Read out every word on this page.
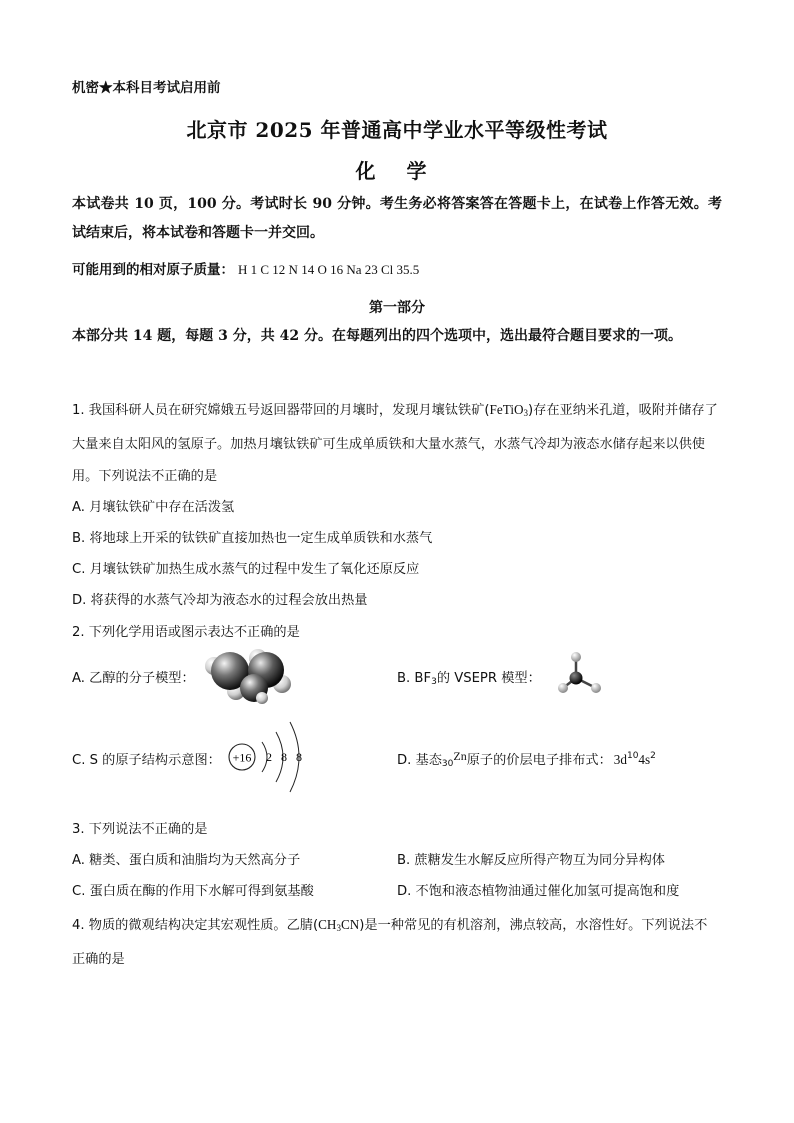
机密★本科目考试启用前
北京市 2025 年普通高中学业水平等级性考试
化 学
本试卷共 10 页，100 分。考试时长 90 分钟。考生务必将答案答在答题卡上，在试卷上作答无效。考试结束后，将本试卷和答题卡一并交回。
可能用到的相对原子质量： H 1 C 12 N 14 O 16 Na 23 Cl 35.5
第一部分
本部分共 14 题，每题 3 分，共 42 分。在每题列出的四个选项中，选出最符合题目要求的一项。
1. 我国科研人员在研究嫦娥五号返回器带回的月壤时，发现月壤钛铁矿(FeTiO$_3$)存在亚纳米孔道，吸附并储存了大量来自太阳风的氢原子。加热月壤钛铁矿可生成单质铁和大量水蒸气，水蒸气冷却为液态水储存起来以供使用。下列说法不正确的是
A. 月壤钛铁矿中存在活泼氢
B. 将地球上开采的钛铁矿直接加热也一定生成单质铁和水蒸气
C. 月壤钛铁矿加热生成水蒸气的过程中发生了氧化还原反应
D. 将获得的水蒸气冷却为液态水的过程会放出热量
2. 下列化学用语或图示表达不正确的是
A. 乙醇的分子模型：	B. $BF_3$的 VSEPR 模型：
C. S 的原子结构示意图： +16 2 8 8	D. 基态$_{30}$Zn原子的价层电子排布式： $3d^{10}4s^2$
3. 下列说法不正确的是
A. 糖类、蛋白质和油脂均为天然高分子	B. 蔗糖发生水解反应所得产物互为同分异构体
C. 蛋白质在酶的作用下水解可得到氨基酸	D. 不饱和液态植物油通过催化加氢可提高饱和度
4. 物质的微观结构决定其宏观性质。乙腈$(CH_3CN)$是一种常见的有机溶剂，沸点较高，水溶性好。下列说法不正确的是
